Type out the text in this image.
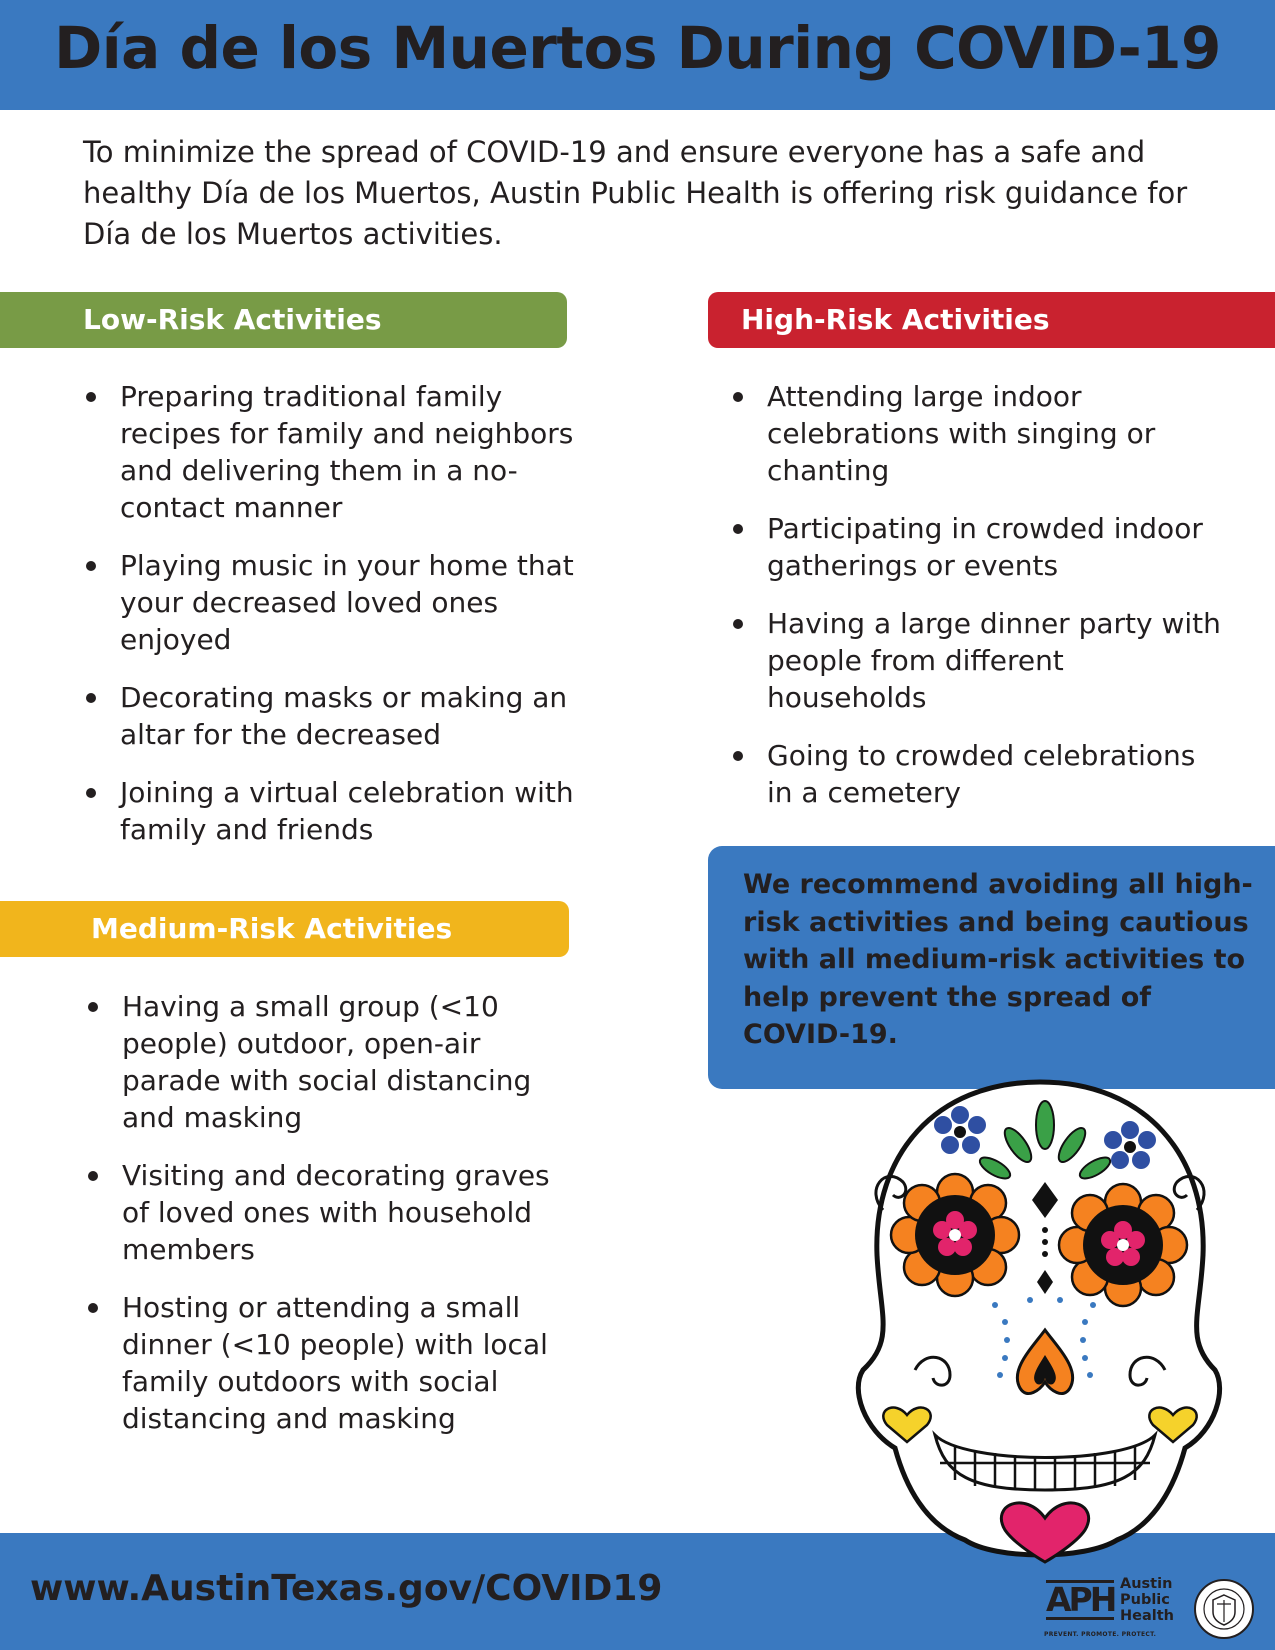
Día de los Muertos During COVID-19

To minimize the spread of COVID-19 and ensure everyone has a safe and healthy Día de los Muertos, Austin Public Health is offering risk guidance for Día de los Muertos activities.

Low-Risk Activities
Preparing traditional family recipes for family and neighbors and delivering them in a no-contact manner
Playing music in your home that your decreased loved ones enjoyed
Decorating masks or making an altar for the decreased
Joining a virtual celebration with family and friends
Medium-Risk Activities
Having a small group (<10 people) outdoor, open-air parade with social distancing and masking
Visiting and decorating graves of loved ones with household members
Hosting or attending a small dinner (<10 people) with local family outdoors with social distancing and masking
High-Risk Activities
Attending large indoor celebrations with singing or chanting
Participating in crowded indoor gatherings or events
Having a large dinner party with people from different households
Going to crowded celebrations in a cemetery

We recommend avoiding all high-risk activities and being cautious with all medium-risk activities to help prevent the spread of COVID-19.

www.AustinTexas.gov/COVID19	APH Austin
Public
Health
PREVENT. PROMOTE. PROTECT.
